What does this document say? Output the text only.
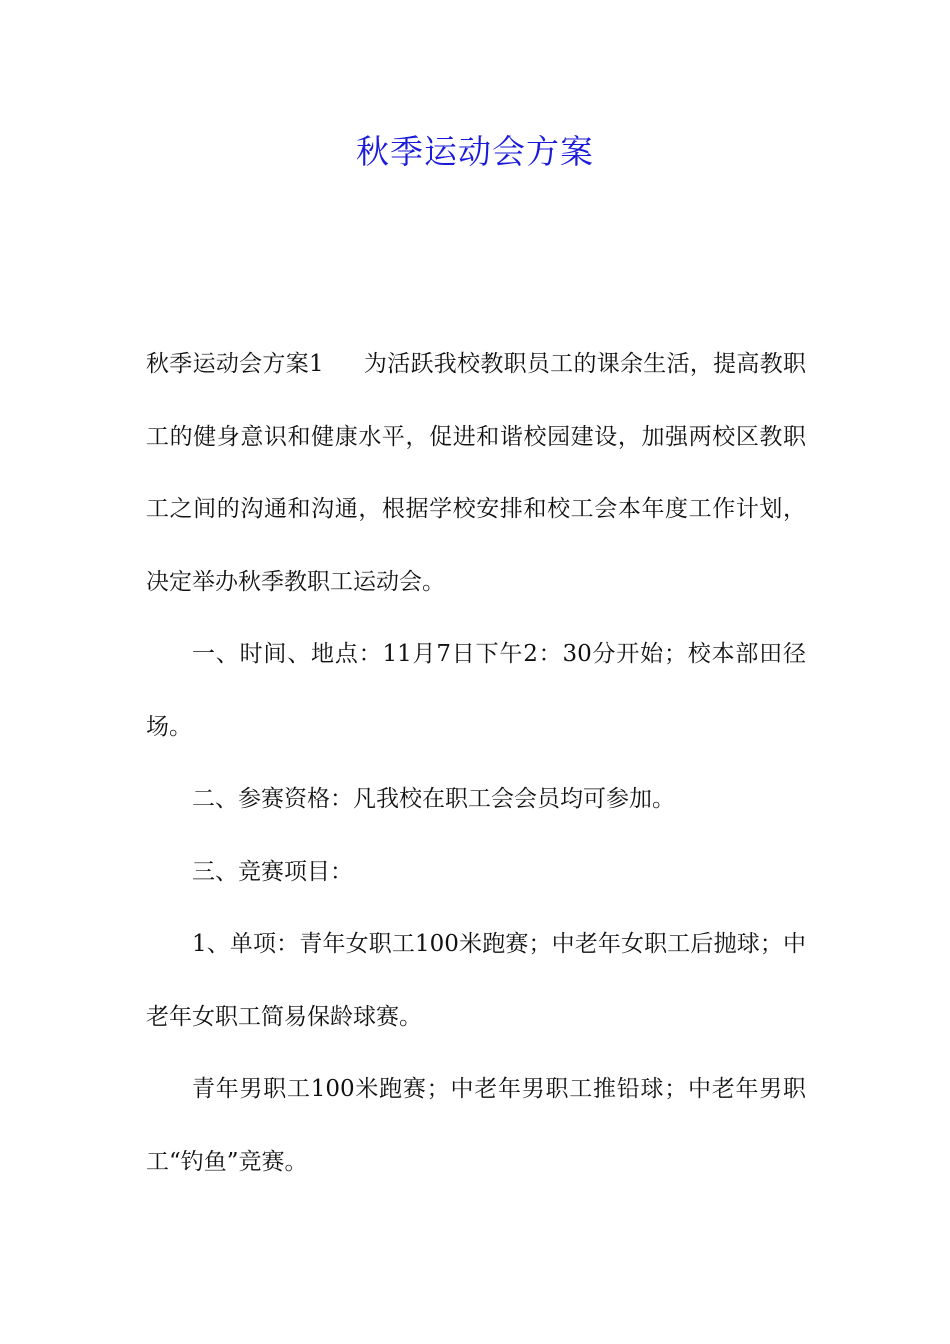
秋季运动会方案

秋季运动会方案1 为活跃我校教职员工的课余生活，提高教职工的健身意识和健康水平，促进和谐校园建设，加强两校区教职工之间的沟通和沟通，根据学校安排和校工会本年度工作计划，决定举办秋季教职工运动会。

一、时间、地点：11月7日下午2：30分开始；校本部田径场。

二、参赛资格：凡我校在职工会会员均可参加。

三、竞赛项目：

1、单项：青年女职工100米跑赛；中老年女职工后抛球；中老年女职工简易保龄球赛。

青年男职工100米跑赛；中老年男职工推铅球；中老年男职工“钓鱼”竞赛。
